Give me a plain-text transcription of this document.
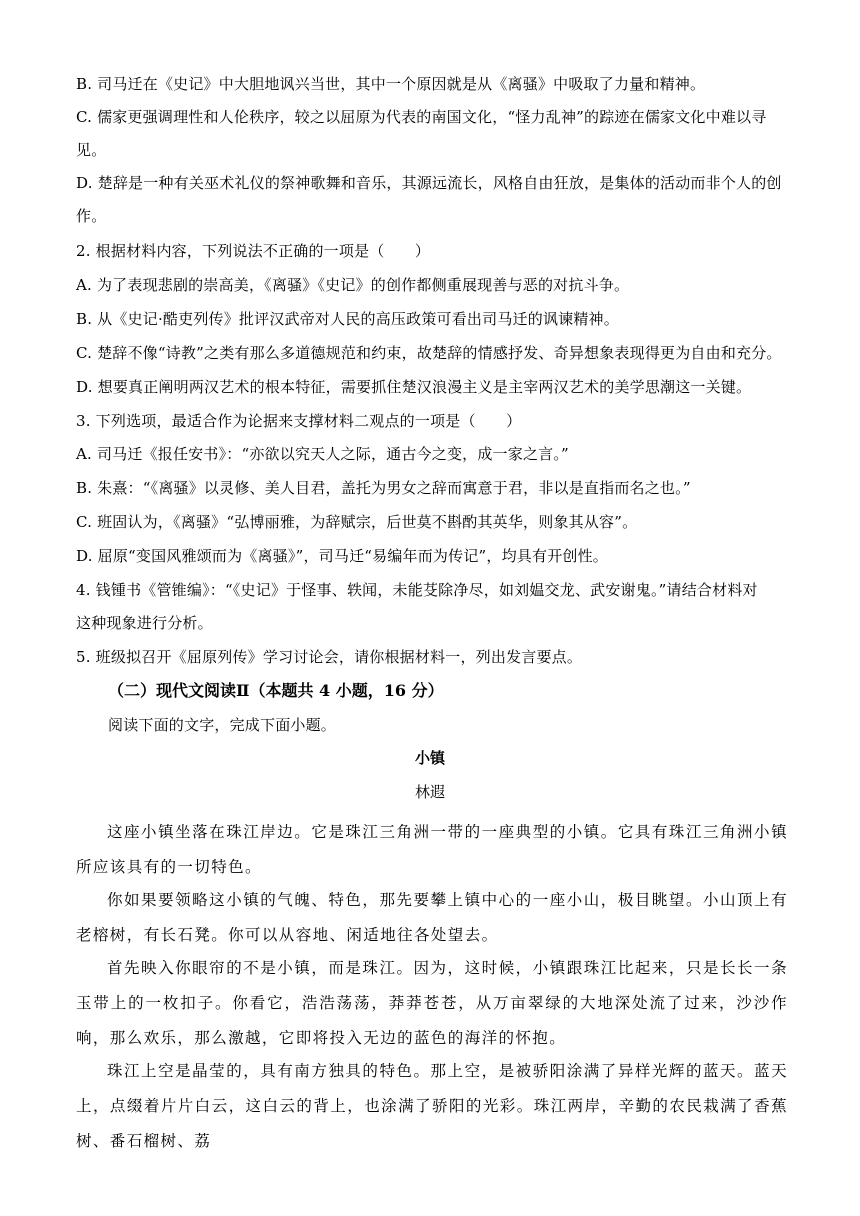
B. 司马迁在《史记》中大胆地讽兴当世，其中一个原因就是从《离骚》中吸取了力量和精神。
C. 儒家更强调理性和人伦秩序，较之以屈原为代表的南国文化，“怪力乱神”的踪迹在儒家文化中难以寻
见。
D. 楚辞是一种有关巫术礼仪的祭神歌舞和音乐，其源远流长，风格自由狂放，是集体的活动而非个人的创
作。
2. 根据材料内容，下列说法不正确的一项是（　　）
A. 为了表现悲剧的崇高美，《离骚》《史记》的创作都侧重展现善与恶的对抗斗争。
B. 从《史记·酷吏列传》批评汉武帝对人民的高压政策可看出司马迁的讽谏精神。
C. 楚辞不像“诗教”之类有那么多道德规范和约束，故楚辞的情感抒发、奇异想象表现得更为自由和充分。
D. 想要真正阐明两汉艺术的根本特征，需要抓住楚汉浪漫主义是主宰两汉艺术的美学思潮这一关键。
3. 下列选项，最适合作为论据来支撑材料二观点的一项是（　　）
A. 司马迁《报任安书》：“亦欲以究天人之际，通古今之变，成一家之言。”
B. 朱熹：“《离骚》以灵修、美人目君，盖托为男女之辞而寓意于君，非以是直指而名之也。”
C. 班固认为，《离骚》“弘博丽雅，为辞赋宗，后世莫不斟酌其英华，则象其从容”。
D. 屈原“变国风雅颂而为《离骚》”，司马迁“易编年而为传记”，均具有开创性。
4. 钱锺书《管锥编》：“《史记》于怪事、轶闻，未能芟除净尽，如刘媪交龙、武安谢鬼。”请结合材料对
这种现象进行分析。
5. 班级拟召开《屈原列传》学习讨论会，请你根据材料一，列出发言要点。
（二）现代文阅读Ⅱ（本题共 4 小题，16 分）
阅读下面的文字，完成下面小题。
小镇
林遐
这座小镇坐落在珠江岸边。它是珠江三角洲一带的一座典型的小镇。它具有珠江三角洲小镇所应该具有的一切特色。
你如果要领略这小镇的气魄、特色，那先要攀上镇中心的一座小山，极目眺望。小山顶上有老榕树，有长石凳。你可以从容地、闲适地往各处望去。
首先映入你眼帘的不是小镇，而是珠江。因为，这时候，小镇跟珠江比起来，只是长长一条玉带上的一枚扣子。你看它，浩浩荡荡，莽莽苍苍，从万亩翠绿的大地深处流了过来，沙沙作响，那么欢乐，那么激越，它即将投入无边的蓝色的海洋的怀抱。
珠江上空是晶莹的，具有南方独具的特色。那上空，是被骄阳涂满了异样光辉的蓝天。蓝天上，点缀着片片白云，这白云的背上，也涂满了骄阳的光彩。珠江两岸，辛勤的农民栽满了香蕉树、番石榴树、荔
